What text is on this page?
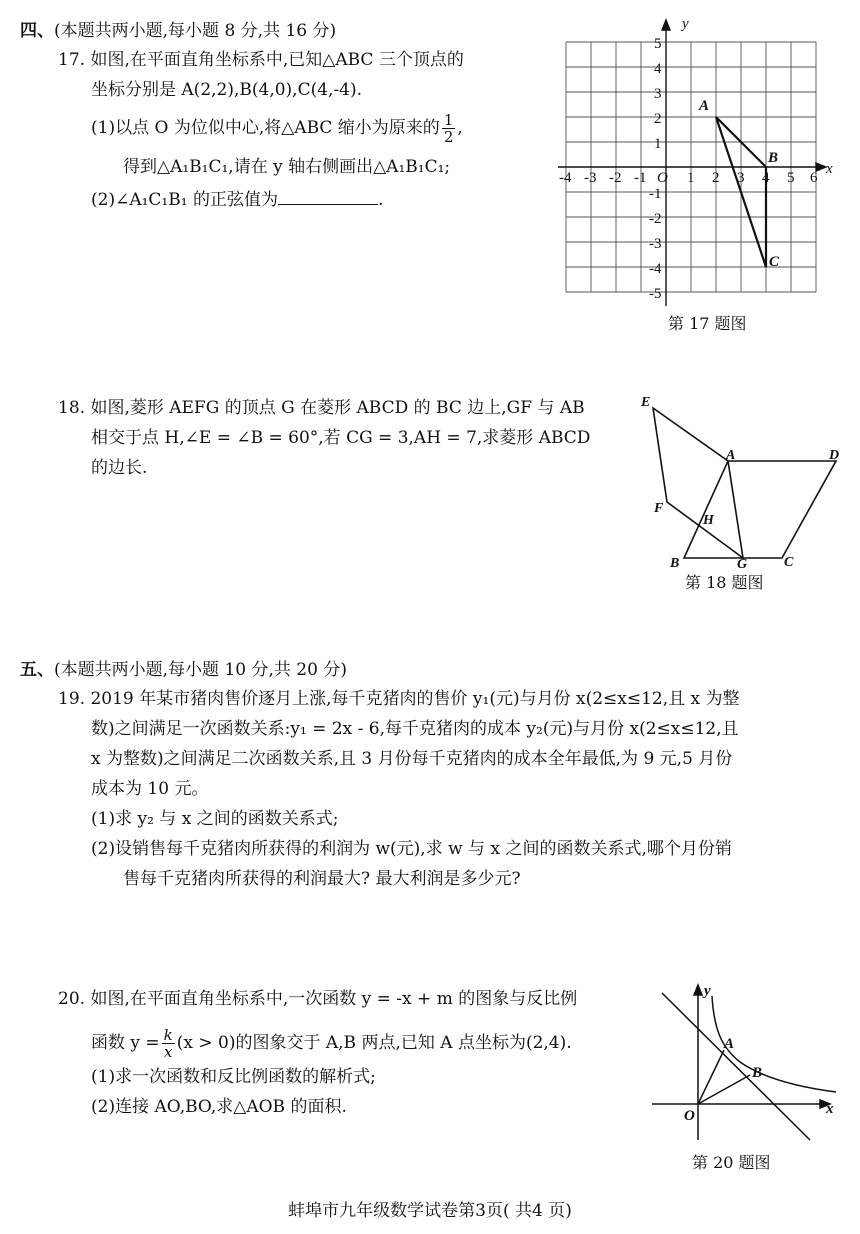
四、(本题共两小题,每小题 8 分,共 16 分)
17. 如图,在平面直角坐标系中,已知△ABC 三个顶点的
坐标分别是 A(2,2),B(4,0),C(4,-4).
(1)以点 O 为位似中心,将△ABC 缩小为原来的 $\frac{1}{2}$ ,
得到△A₁B₁C₁,请在 y 轴右侧画出△A₁B₁C₁;
(2)∠A₁C₁B₁ 的正弦值为	.
y
x
O
-4 -3 -2 -1	1 2 3 4 5 6
5
4
3
2
1
-1
-2
-3
-4
-5
A
B
C
第 17 题图
18. 如图,菱形 AEFG 的顶点 G 在菱形 ABCD 的 BC 边上,GF 与 AB
相交于点 H,∠E = ∠B = 60°,若 CG = 3,AH = 7,求菱形 ABCD
的边长.
E
A	D
F
H
B	G	C
第 18 题图
五、(本题共两小题,每小题 10 分,共 20 分)
19. 2019 年某市猪肉售价逐月上涨,每千克猪肉的售价 y₁(元)与月份 x(2≤x≤12,且 x 为整
数)之间满足一次函数关系:y₁ = 2x - 6,每千克猪肉的成本 y₂(元)与月份 x(2≤x≤12,且
x 为整数)之间满足二次函数关系,且 3 月份每千克猪肉的成本全年最低,为 9 元,5 月份
成本为 10 元。
(1)求 y₂ 与 x 之间的函数关系式;
(2)设销售每千克猪肉所获得的利润为 w(元),求 w 与 x 之间的函数关系式,哪个月份销
售每千克猪肉所获得的利润最大? 最大利润是多少元?
20. 如图,在平面直角坐标系中,一次函数 y = -x + m 的图象与反比例
函数 $y = \frac{k}{x} (x > 0)$的图象交于 A,B 两点,已知 A 点坐标为(2,4).
(1)求一次函数和反比例函数的解析式;
(2)连接 AO,BO,求△AOB 的面积.
y
x
O
A
B
第 20 题图
蚌埠市九年级数学试卷第3页( 共4 页)
